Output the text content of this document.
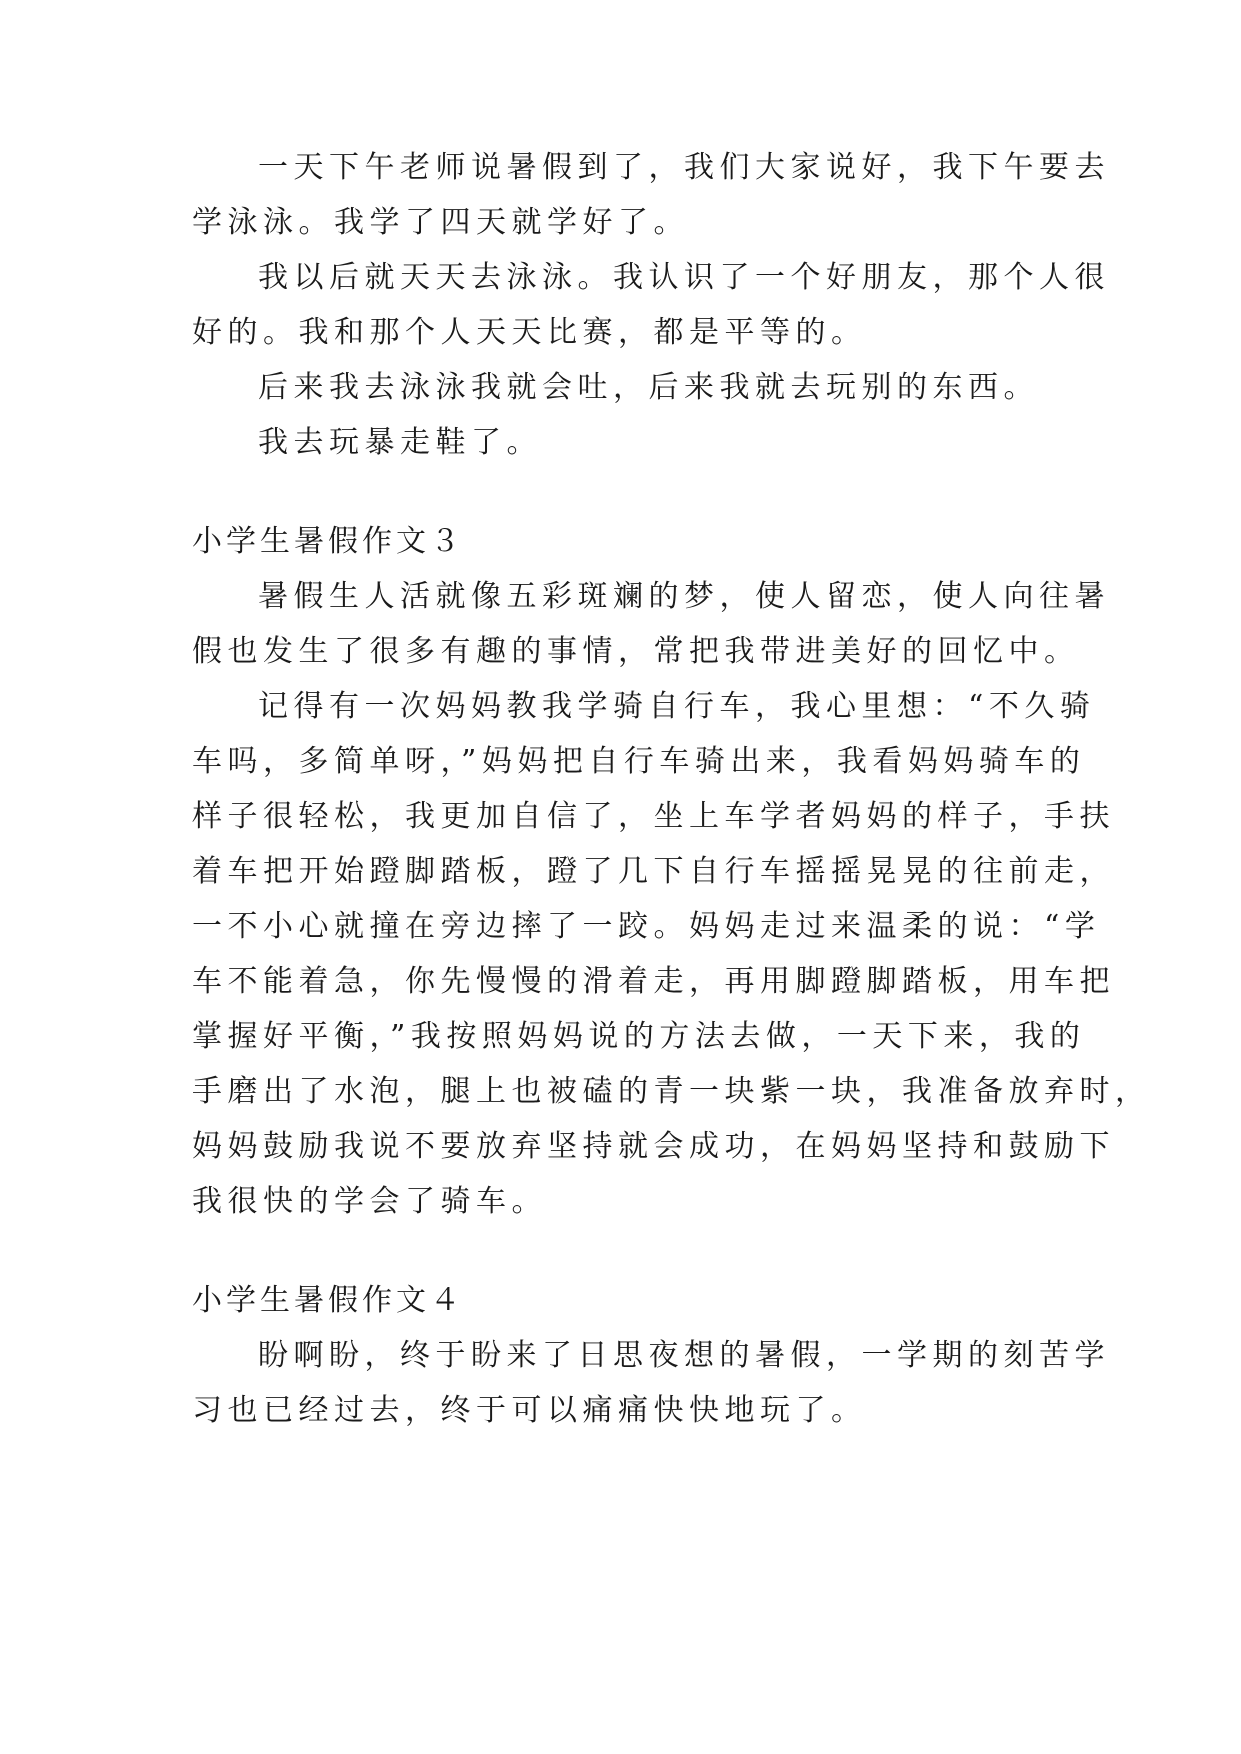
一天下午老师说暑假到了，我们大家说好，我下午要去
学泳泳。我学了四天就学好了。
我以后就天天去泳泳。我认识了一个好朋友，那个人很
好的。我和那个人天天比赛，都是平等的。
后来我去泳泳我就会吐，后来我就去玩别的东西。
我去玩暴走鞋了。
小学生暑假作文３
暑假生人活就像五彩斑斓的梦，使人留恋，使人向往暑
假也发生了很多有趣的事情，常把我带进美好的回忆中。
记得有一次妈妈教我学骑自行车，我心里想：“不久骑
车吗，多简单呀，”妈妈把自行车骑出来，我看妈妈骑车的
样子很轻松，我更加自信了，坐上车学者妈妈的样子，手扶
着车把开始蹬脚踏板，蹬了几下自行车摇摇晃晃的往前走，
一不小心就撞在旁边摔了一跤。妈妈走过来温柔的说：“学
车不能着急，你先慢慢的滑着走，再用脚蹬脚踏板，用车把
掌握好平衡，”我按照妈妈说的方法去做，一天下来，我的
手磨出了水泡，腿上也被磕的青一块紫一块，我准备放弃时，
妈妈鼓励我说不要放弃坚持就会成功，在妈妈坚持和鼓励下
我很快的学会了骑车。
小学生暑假作文４
盼啊盼，终于盼来了日思夜想的暑假，一学期的刻苦学
习也已经过去，终于可以痛痛快快地玩了。
